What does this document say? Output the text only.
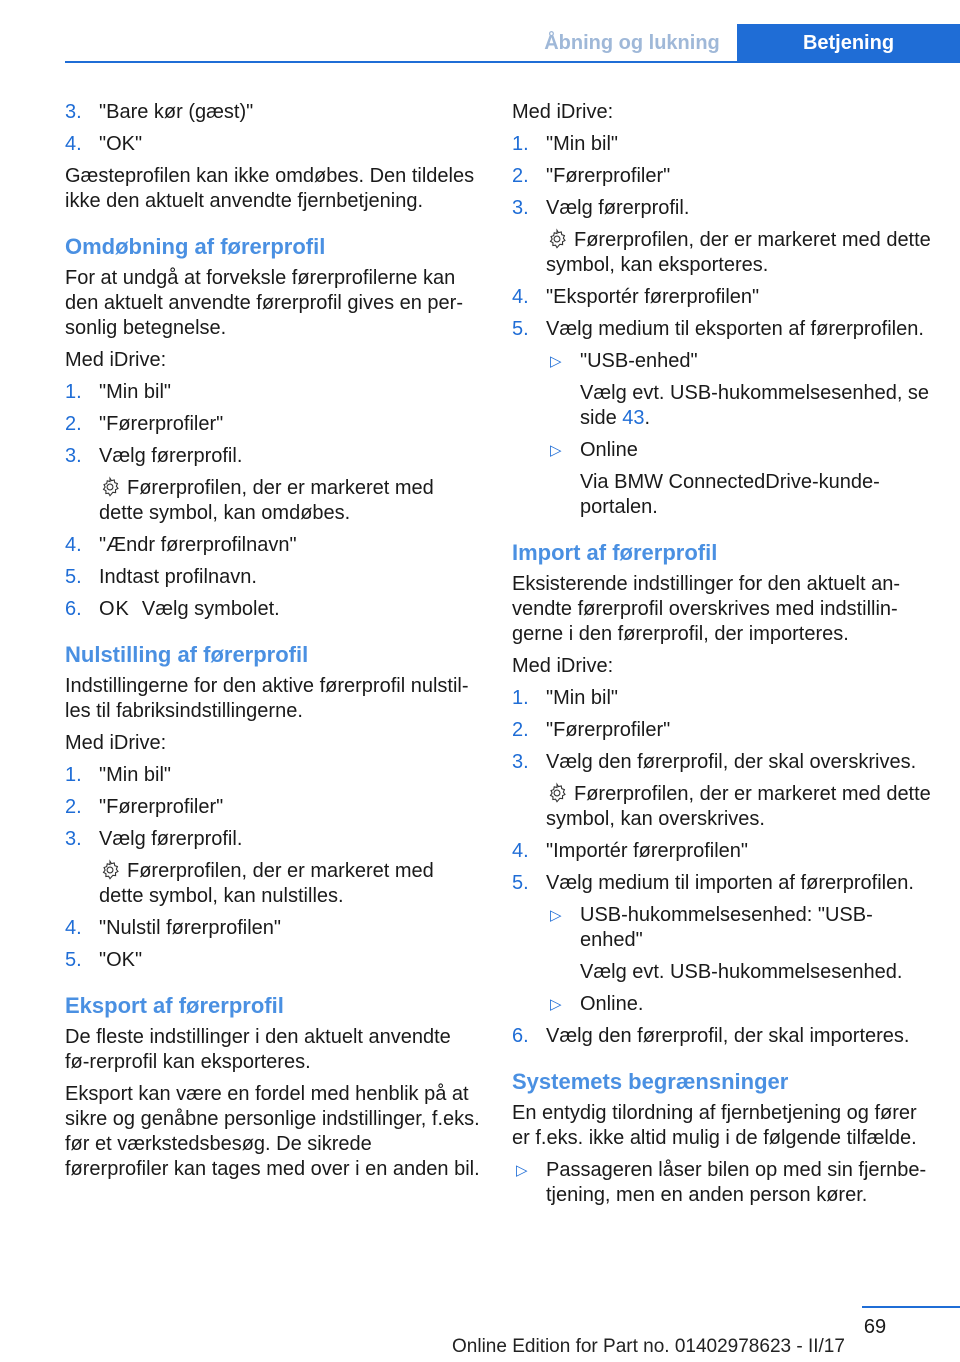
Åbning og lukning	Betjening
3. "Bare kør (gæst)"
4. "OK"

Gæsteprofilen kan ikke omdøbes. Den tildeles ikke den aktuelt anvendte fjernbetjening.

Omdøbning af førerprofil

For at undgå at forveksle førerprofilerne kan den aktuelt anvendte førerprofil gives en per-sonlig betegnelse.

Med iDrive:

1. "Min bil"
2. "Førerprofiler"
3. Vælg førerprofil.
Førerprofilen, der er markeret med dette symbol, kan omdøbes.
4. "Ændr førerprofilnavn"
5. Indtast profilnavn.
6. OK Vælg symbolet.
Nulstilling af førerprofil

Indstillingerne for den aktive førerprofil nulstil-les til fabriksindstillingerne.

Med iDrive:

1. "Min bil"
2. "Førerprofiler"
3. Vælg førerprofil.
Førerprofilen, der er markeret med dette symbol, kan nulstilles.
4. "Nulstil førerprofilen"
5. "OK"
Eksport af førerprofil

De fleste indstillinger i den aktuelt anvendte fø-rerprofil kan eksporteres.

Eksport kan være en fordel med henblik på at sikre og genåbne personlige indstillinger, f.eks. før et værkstedsbesøg. De sikrede førerprofiler kan tages med over i en anden bil.

Med iDrive:

1. "Min bil"
2. "Førerprofiler"
3. Vælg førerprofil.
Førerprofilen, der er markeret med dette symbol, kan eksporteres.
4. "Eksportér førerprofilen"
5. Vælg medium til eksporten af førerprofilen.
▷ "USB-enhed"
Vælg evt. USB-hukommelsesenhed, se side 43.
▷ Online
Via BMW ConnectedDrive-kunde-portalen.
Import af førerprofil

Eksisterende indstillinger for den aktuelt an-vendte førerprofil overskrives med indstillin-gerne i den førerprofil, der importeres.

Med iDrive:

1. "Min bil"
2. "Førerprofiler"
3. Vælg den førerprofil, der skal overskrives.
Førerprofilen, der er markeret med dette symbol, kan overskrives.
4. "Importér førerprofilen"
5. Vælg medium til importen af førerprofilen.
▷ USB-hukommelsesenhed: "USB-enhed"
Vælg evt. USB-hukommelsesenhed.
▷ Online.
6. Vælg den førerprofil, der skal importeres.
Systemets begrænsninger

En entydig tilordning af fjernbetjening og fører er f.eks. ikke altid mulig i de følgende tilfælde.

▷ Passageren låser bilen op med sin fjernbe-tjening, men en anden person kører.
69
Online Edition for Part no. 01402978623 - II/17
